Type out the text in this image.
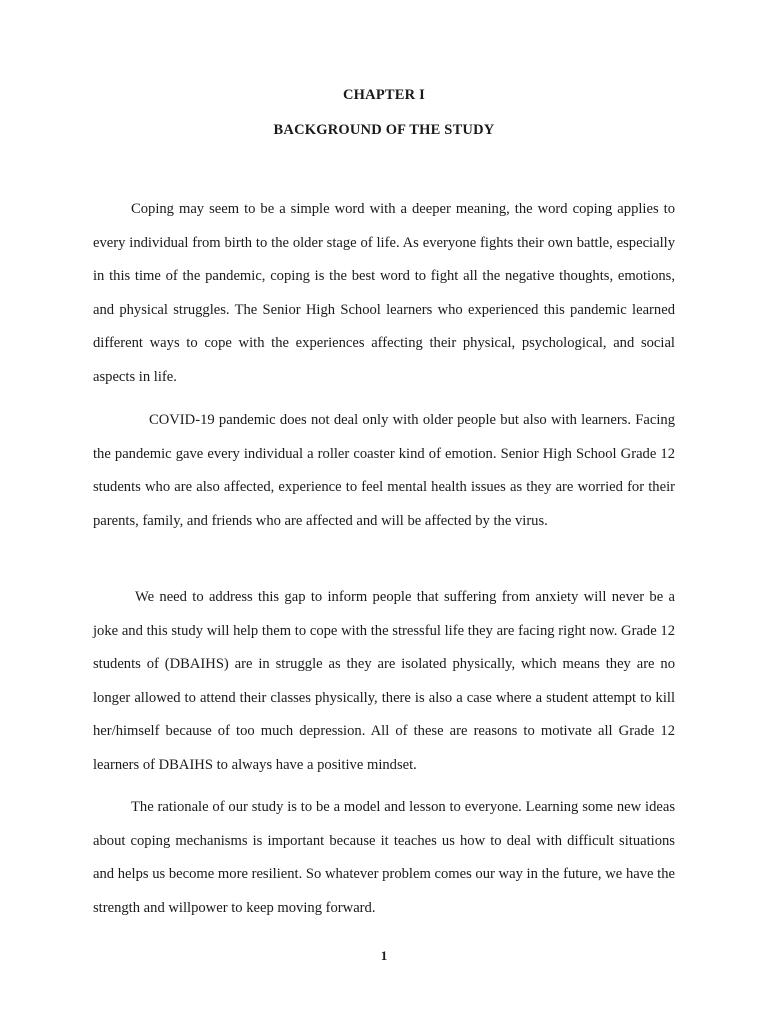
CHAPTER I
BACKGROUND OF THE STUDY

Coping may seem to be a simple word with a deeper meaning, the word coping applies to every individual from birth to the older stage of life. As everyone fights their own battle, especially in this time of the pandemic, coping is the best word to fight all the negative thoughts, emotions, and physical struggles. The Senior High School learners who experienced this pandemic learned different ways to cope with the experiences affecting their physical, psychological, and social aspects in life.

COVID-19 pandemic does not deal only with older people but also with learners. Facing the pandemic gave every individual a roller coaster kind of emotion. Senior High School Grade 12 students who are also affected, experience to feel mental health issues as they are worried for their parents, family, and friends who are affected and will be affected by the virus.

We need to address this gap to inform people that suffering from anxiety will never be a joke and this study will help them to cope with the stressful life they are facing right now. Grade 12 students of (DBAIHS) are in struggle as they are isolated physically, which means they are no longer allowed to attend their classes physically, there is also a case where a student attempt to kill her/himself because of too much depression. All of these are reasons to motivate all Grade 12 learners of DBAIHS to always have a positive mindset.

The rationale of our study is to be a model and lesson to everyone. Learning some new ideas about coping mechanisms is important because it teaches us how to deal with difficult situations and helps us become more resilient. So whatever problem comes our way in the future, we have the strength and willpower to keep moving forward.

1
